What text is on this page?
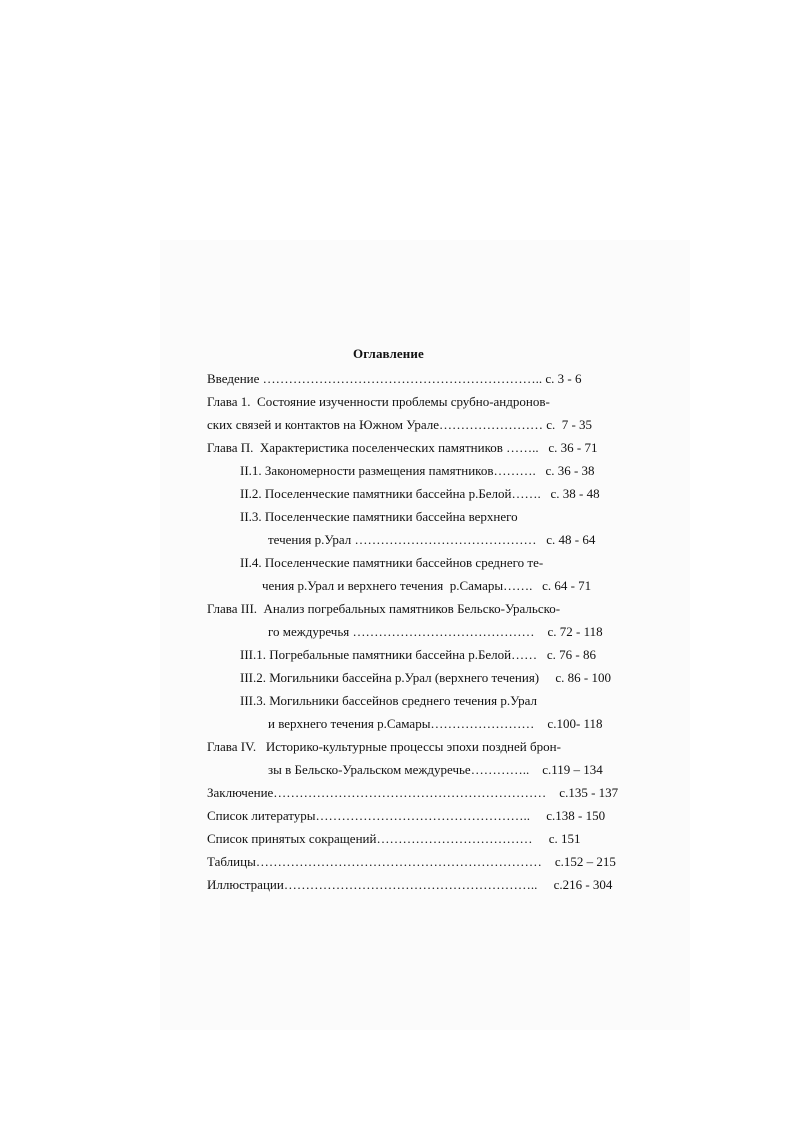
Оглавление
Введение ……………………………………………………….. с. 3 - 6
Глава 1.  Состояние изученности проблемы срубно-андронов-
ских связей и контактов на Южном Урале…………………… с.  7 - 35
Глава П.  Характеристика поселенческих памятников ……..   с. 36 - 71
II.1. Закономерности размещения памятников……….   с. 36 - 38
II.2. Поселенческие памятники бассейна р.Белой…….   с. 38 - 48
II.3. Поселенческие памятники бассейна верхнего
течения р.Урал ……………………………………   с. 48 - 64
II.4. Поселенческие памятники бассейнов среднего те-
чения р.Урал и верхнего течения  р.Самары…….   с. 64 - 71
Глава III.  Анализ погребальных памятников Бельско-Уральско-
го междуречья ……………………………………    с. 72 - 118
III.1. Погребальные памятники бассейна р.Белой……   с. 76 - 86
III.2. Могильники бассейна р.Урал (верхнего течения)     с. 86 - 100
III.3. Могильники бассейнов среднего течения р.Урал
и верхнего течения р.Самары……………………    с.100- 118
Глава IV.   Историко-культурные процессы эпохи поздней брон-
зы в Бельско-Уральском междуречье…………..    с.119 – 134
Заключение………………………………………………………    с.135 - 137
Список литературы…………………………………………..     с.138 - 150
Список принятых сокращений………………………………     с. 151
Таблицы…………………………………………………………    с.152 – 215
Иллюстрации…………………………………………………..     с.216 - 304
